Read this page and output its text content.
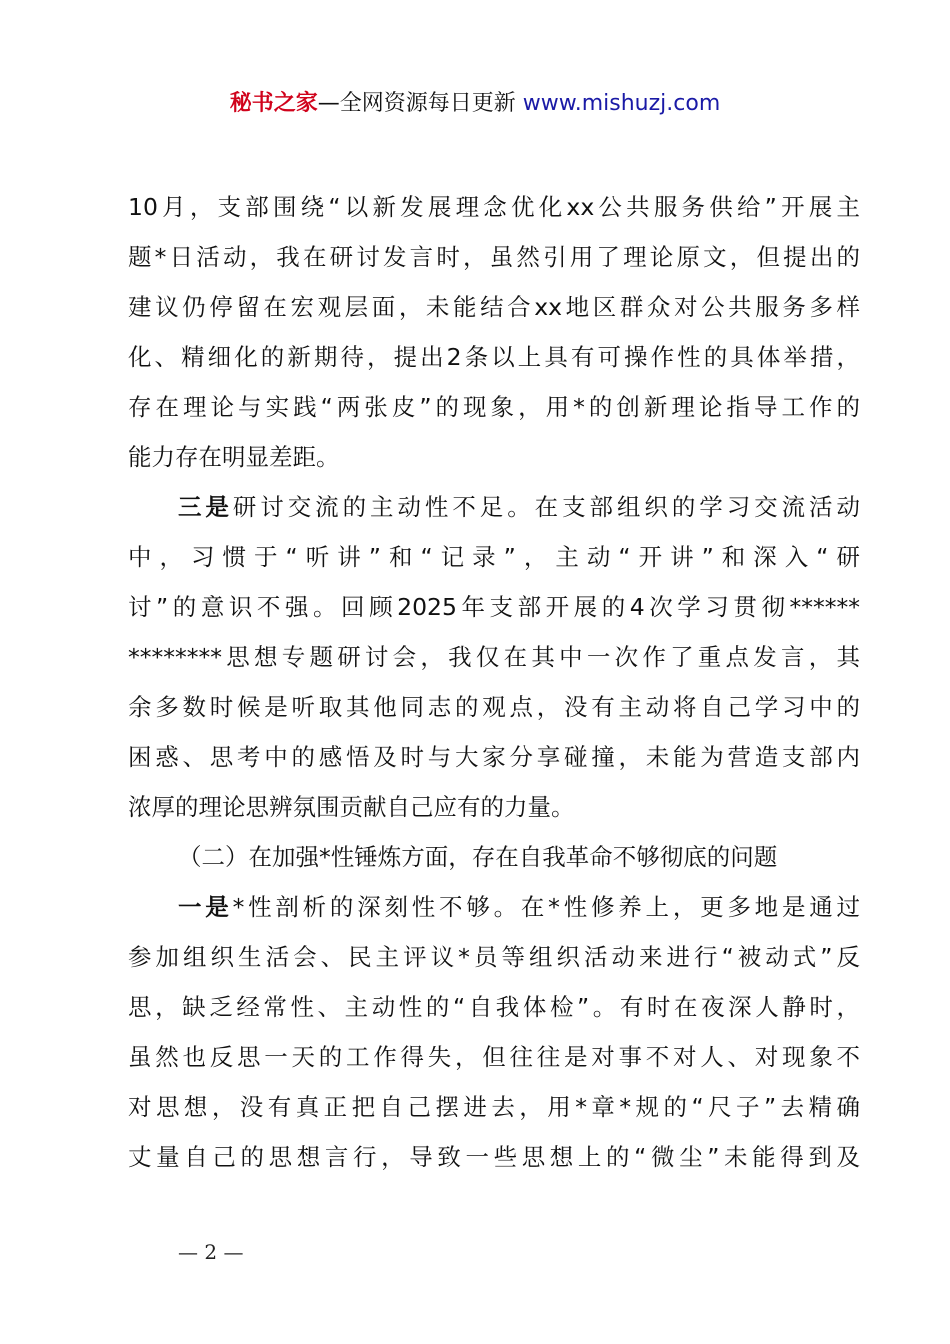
秘书之家—全网资源每日更新 www.mishuzj.com
10月，支部围绕“以新发展理念优化xx公共服务供给”开展主
题*日活动，我在研讨发言时，虽然引用了理论原文，但提出的
建议仍停留在宏观层面，未能结合xx地区群众对公共服务多样
化、精细化的新期待，提出2条以上具有可操作性的具体举措，
存在理论与实践“两张皮”的现象，用*的创新理论指导工作的
能力存在明显差距。
三是研讨交流的主动性不足。在支部组织的学习交流活动
中，习惯于“听讲”和“记录”，主动“开讲”和深入“研
讨”的意识不强。回顾2025年支部开展的4次学习贯彻******
********思想专题研讨会，我仅在其中一次作了重点发言，其
余多数时候是听取其他同志的观点，没有主动将自己学习中的
困惑、思考中的感悟及时与大家分享碰撞，未能为营造支部内
浓厚的理论思辨氛围贡献自己应有的力量。
（二）在加强*性锤炼方面，存在自我革命不够彻底的问题
一是*性剖析的深刻性不够。在*性修养上，更多地是通过
参加组织生活会、民主评议*员等组织活动来进行“被动式”反
思，缺乏经常性、主动性的“自我体检”。有时在夜深人静时，
虽然也反思一天的工作得失，但往往是对事不对人、对现象不
对思想，没有真正把自己摆进去，用*章*规的“尺子”去精确
丈量自己的思想言行，导致一些思想上的“微尘”未能得到及
— 2 —
